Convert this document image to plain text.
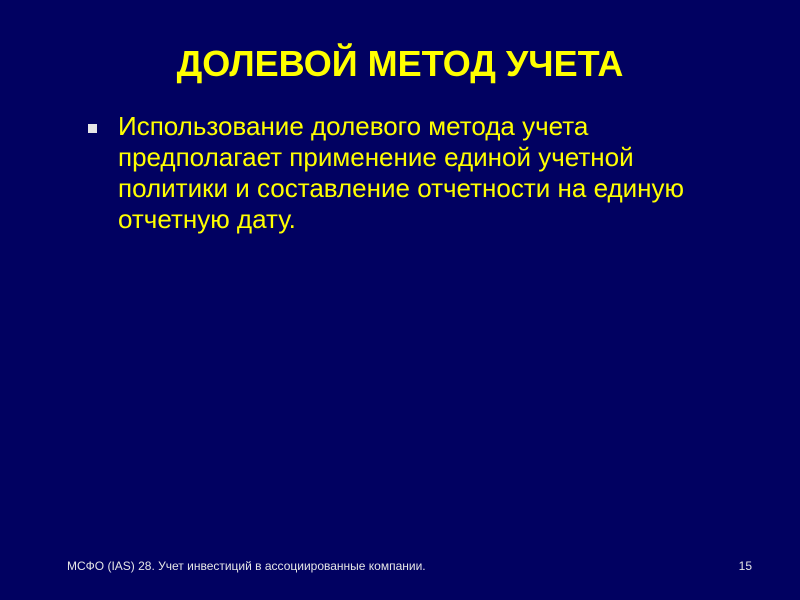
ДОЛЕВОЙ МЕТОД УЧЕТА
Использование долевого метода учета предполагает применение единой учетной политики и составление отчетности на единую отчетную дату.
МСФО (IAS) 28. Учет инвестиций в ассоциированные компании.	15
